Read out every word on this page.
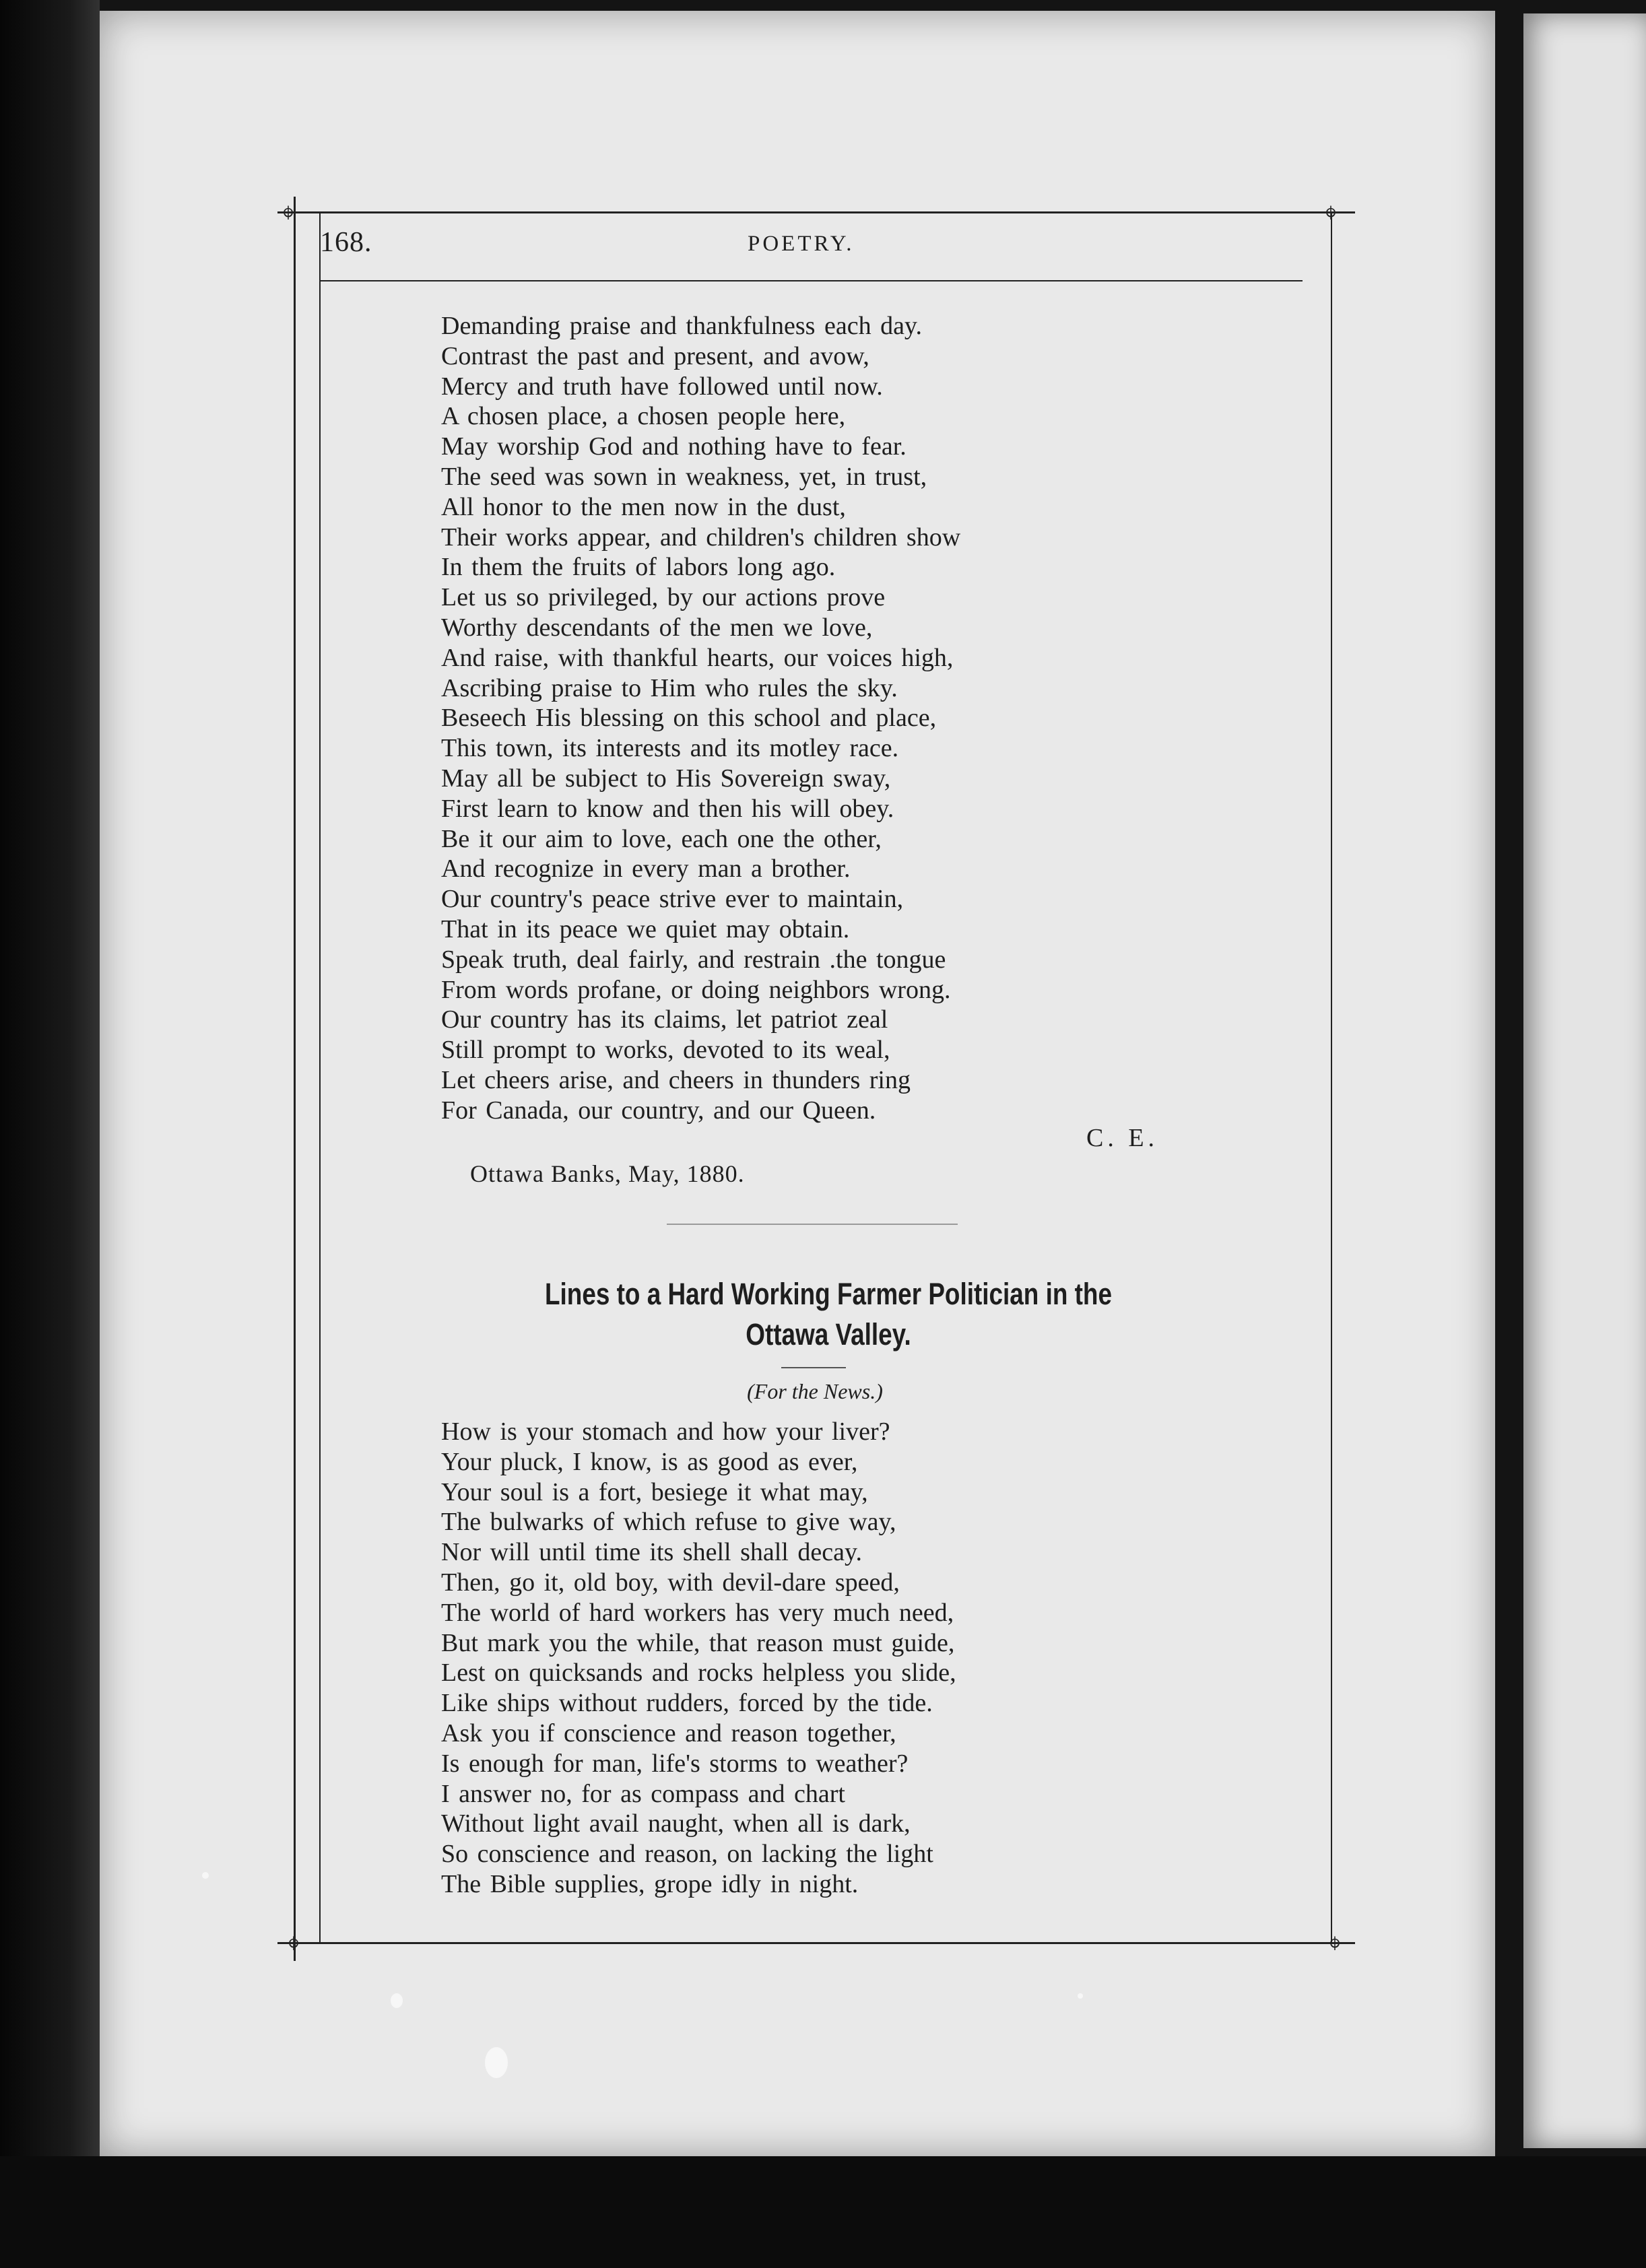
⌖	⌖
⌖	⌖
168.	POETRY.
Demanding praise and thankfulness each day.
Contrast the past and present, and avow,
Mercy and truth have followed until now.
A chosen place, a chosen people here,
May worship God and nothing have to fear.
The seed was sown in weakness, yet, in trust,
All honor to the men now in the dust,
Their works appear, and children's children show
In them the fruits of labors long ago.
Let us so privileged, by our actions prove
Worthy descendants of the men we love,
And raise, with thankful hearts, our voices high,
Ascribing praise to Him who rules the sky.
Beseech His blessing on this school and place,
This town, its interests and its motley race.
May all be subject to His Sovereign sway,
First learn to know and then his will obey.
Be it our aim to love, each one the other,
And recognize in every man a brother.
Our country's peace strive ever to maintain,
That in its peace we quiet may obtain.
Speak truth, deal fairly, and restrain .the tongue
From words profane, or doing neighbors wrong.
Our country has its claims, let patriot zeal
Still prompt to works, devoted to its weal,
Let cheers arise, and cheers in thunders ring
For Canada, our country, and our Queen.
C. E.
Ottawa Banks, May, 1880.
Lines to a Hard Working Farmer Politician in the
Ottawa Valley.
(For the News.)
How is your stomach and how your liver?
Your pluck, I know, is as good as ever,
Your soul is a fort, besiege it what may,
The bulwarks of which refuse to give way,
Nor will until time its shell shall decay.
Then, go it, old boy, with devil-dare speed,
The world of hard workers has very much need,
But mark you the while, that reason must guide,
Lest on quicksands and rocks helpless you slide,
Like ships without rudders, forced by the tide.
Ask you if conscience and reason together,
Is enough for man, life's storms to weather?
I answer no, for as compass and chart
Without light avail naught, when all is dark,
So conscience and reason, on lacking the light
The Bible supplies, grope idly in night.
